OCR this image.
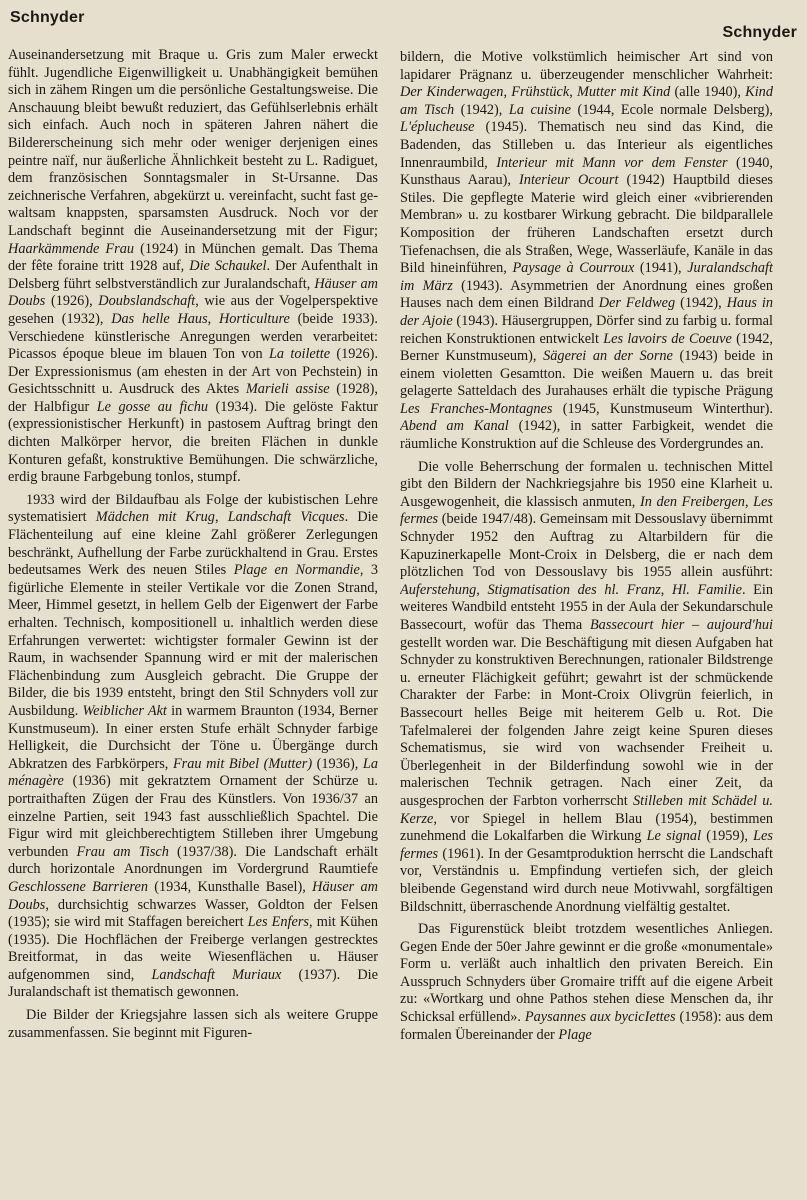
Schnyder
Schnyder

Auseinandersetzung mit Braque u. Gris zum Maler erweckt fühlt. Jugendliche Eigenwilligkeit u. Unabhängigkeit bemühen sich in zähem Ringen um die persönliche Gestaltungsweise. Die Anschauung bleibt bewußt reduziert, das Gefühlserlebnis erhält sich einfach. Auch noch in späteren Jahren nähert die Bildererscheinung sich mehr oder weniger derjenigen eines peintre naïf, nur äußerliche Ähnlichkeit besteht zu L. Radiguet, dem französischen Sonntagsmaler in St-Ursanne. Das zeichnerische Verfahren, abgekürzt u. vereinfacht, sucht fast gewaltsam knappsten, sparsamsten Ausdruck. Noch vor der Landschaft beginnt die Auseinandersetzung mit der Figur; Haarkämmende Frau (1924) in München gemalt. Das Thema der fête foraine tritt 1928 auf, Die Schaukel. Der Aufenthalt in Delsberg führt selbstverständlich zur Juralandschaft, Häuser am Doubs (1926), Doubslandschaft, wie aus der Vogelperspektive gesehen (1932), Das helle Haus, Horticulture (beide 1933). Verschiedene künstlerische Anregungen werden verarbeitet: Picassos époque bleue im blauen Ton von La toilette (1926). Der Expressionismus (am ehesten in der Art von Pechstein) in Gesichtsschnitt u. Ausdruck des Aktes Marieli assise (1928), der Halbfigur Le gosse au fichu (1934). Die gelöste Faktur (expressionistischer Herkunft) in pastosem Auftrag bringt den dichten Malkörper hervor, die breiten Flächen in dunkle Konturen gefaßt, konstruktive Bemühungen. Die schwärzliche, erdig braune Farbgebung tonlos, stumpf.

1933 wird der Bildaufbau als Folge der kubistischen Lehre systematisiert Mädchen mit Krug, Landschaft Vicques. Die Flächenteilung auf eine kleine Zahl größerer Zerlegungen beschränkt, Aufhellung der Farbe zurückhaltend in Grau. Erstes bedeutsames Werk des neuen Stiles Plage en Normandie, 3 figürliche Elemente in steiler Vertikale vor die Zonen Strand, Meer, Himmel gesetzt, in hellem Gelb der Eigenwert der Farbe erhalten. Technisch, kompositionell u. inhaltlich werden diese Erfahrungen verwertet: wichtigster formaler Gewinn ist der Raum, in wachsender Spannung wird er mit der malerischen Flächenbindung zum Ausgleich gebracht. Die Gruppe der Bilder, die bis 1939 entsteht, bringt den Stil Schnyders voll zur Ausbildung. Weiblicher Akt in warmem Braunton (1934, Berner Kunstmuseum). In einer ersten Stufe erhält Schnyder farbige Helligkeit, die Durchsicht der Töne u. Übergänge durch Abkratzen des Farbkörpers, Frau mit Bibel (Mutter) (1936), La ménagère (1936) mit gekratztem Ornament der Schürze u. portraithaften Zügen der Frau des Künstlers. Von 1936/37 an einzelne Partien, seit 1943 fast ausschließlich Spachtel. Die Figur wird mit gleichberechtigtem Stilleben ihrer Umgebung verbunden Frau am Tisch (1937/38). Die Landschaft erhält durch horizontale Anordnungen im Vordergrund Raumtiefe Geschlossene Barrieren (1934, Kunsthalle Basel), Häuser am Doubs, durchsichtig schwarzes Wasser, Goldton der Felsen (1935); sie wird mit Staffagen bereichert Les Enfers, mit Kühen (1935). Die Hochflächen der Freiberge verlangen gestrecktes Breitformat, in das weite Wiesenflächen u. Häuser aufgenommen sind, Landschaft Muriaux (1937). Die Juralandschaft ist thematisch gewonnen.

Die Bilder der Kriegsjahre lassen sich als weitere Gruppe zusammenfassen. Sie beginnt mit Figuren-

bildern, die Motive volkstümlich heimischer Art sind von lapidarer Prägnanz u. überzeugender menschlicher Wahrheit: Der Kinderwagen, Frühstück, Mutter mit Kind (alle 1940), Kind am Tisch (1942), La cuisine (1944, Ecole normale Delsberg), L'épluchеuse (1945). Thematisch neu sind das Kind, die Badenden, das Stilleben u. das Interieur als eigentliches Innenraumbild, Interieur mit Mann vor dem Fenster (1940, Kunsthaus Aarau), Interieur Ocourt (1942) Hauptbild dieses Stiles. Die gepflegte Materie wird gleich einer «vibrierenden Membran» u. zu kostbarer Wirkung gebracht. Die bildparallele Komposition der früheren Landschaften ersetzt durch Tiefenachsen, die als Straßen, Wege, Wasserläufe, Kanäle in das Bild hineinführen, Paysage à Courroux (1941), Juralandschaft im März (1943). Asymmetrien der Anordnung eines großen Hauses nach dem einen Bildrand Der Feldweg (1942), Haus in der Ajoie (1943). Häusergruppen, Dörfer sind zu farbig u. formal reichen Konstruktionen entwickelt Les lavoirs de Coeuve (1942, Berner Kunstmuseum), Sägerei an der Sorne (1943) beide in einem violetten Gesamtton. Die weißen Mauern u. das breit gelagerte Satteldach des Jurahauses erhält die typische Prägung Les Franches-Montagnes (1945, Kunstmuseum Winterthur). Abend am Kanal (1942), in satter Farbigkeit, wendet die räumliche Konstruktion auf die Schleuse des Vordergrundes an.

Die volle Beherrschung der formalen u. technischen Mittel gibt den Bildern der Nachkriegsjahre bis 1950 eine Klarheit u. Ausgewogenheit, die klassisch anmuten, In den Freibergen, Les fermes (beide 1947/48). Gemeinsam mit Dessouslavy übernimmt Schnyder 1952 den Auftrag zu Altarbildern für die Kapuzinerkapelle Mont-Croix in Delsberg, die er nach dem plötzlichen Tod von Dessouslavy bis 1955 allein ausführt: Auferstehung, Stigmatisation des hl. Franz, Hl. Familie. Ein weiteres Wandbild entsteht 1955 in der Aula der Sekundarschule Bassecourt, wofür das Thema Bassecourt hier – aujourd'hui gestellt worden war. Die Beschäftigung mit diesen Aufgaben hat Schnyder zu konstruktiven Berechnungen, rationaler Bildstrenge u. erneuter Flächigkeit geführt; gewahrt ist der schmückende Charakter der Farbe: in Mont-Croix Olivgrün feierlich, in Bassecourt helles Beige mit heiterem Gelb u. Rot. Die Tafelmalerei der folgenden Jahre zeigt keine Spuren dieses Schematismus, sie wird von wachsender Freiheit u. Überlegenheit in der Bilderfindung sowohl wie in der malerischen Technik getragen. Nach einer Zeit, da ausgesprochen der Farbton vorherrscht Stilleben mit Schädel u. Kerze, vor Spiegel in hellem Blau (1954), bestimmen zunehmend die Lokalfarben die Wirkung Le signal (1959), Les fermes (1961). In der Gesamtproduktion herrscht die Landschaft vor, Verständnis u. Empfindung vertiefen sich, der gleich bleibende Gegenstand wird durch neue Motivwahl, sorgfältigen Bildschnitt, überraschende Anordnung vielfältig gestaltet.

Das Figurenstück bleibt trotzdem wesentliches Anliegen. Gegen Ende der 50er Jahre gewinnt er die große «monumentale» Form u. verläßt auch inhaltlich den privaten Bereich. Ein Ausspruch Schnyders über Gromaire trifft auf die eigene Arbeit zu: «Wortkarg und ohne Pathos stehen diese Menschen da, ihr Schicksal erfüllend». Paysannes aux bycicIettes (1958): aus dem formalen Übereinander der Plage
